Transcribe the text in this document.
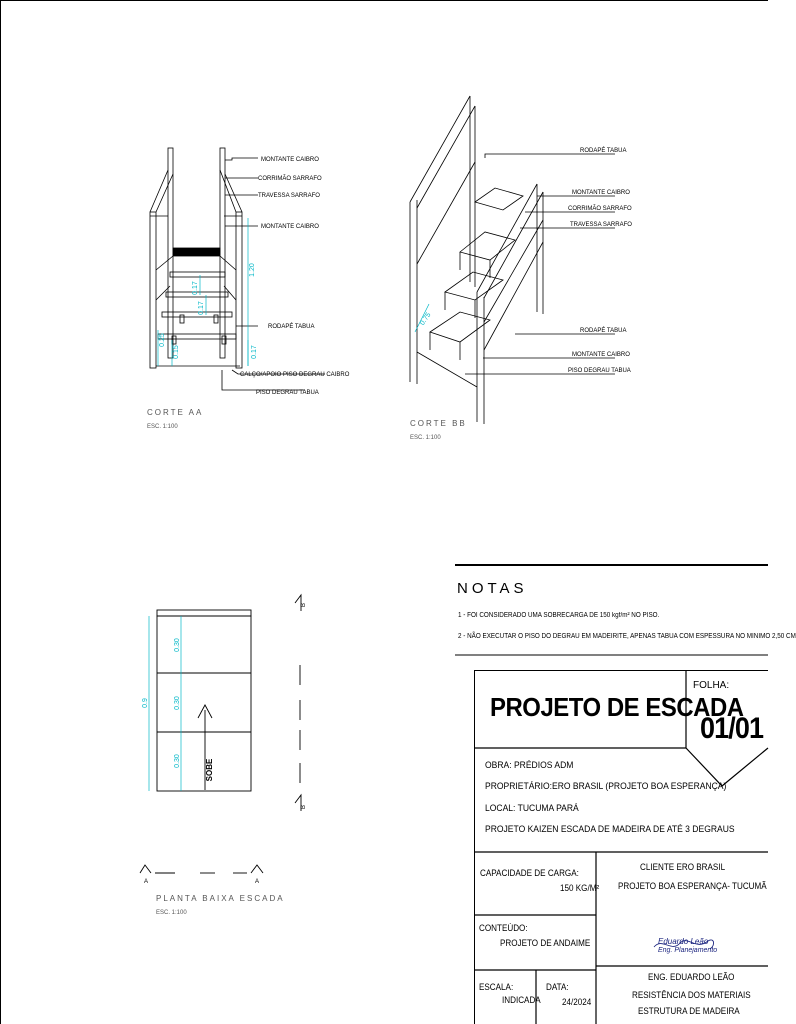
1.20
0.17
0.17
0.17
0.25
0.15
MONTANTE CAIBRO
CORRIMÃO SARRAFO
TRAVESSA SARRAFO
MONTANTE CAIBRO
RODAPÉ TABUA
CALÇO/APOIO PISO DEGRAU CAIBRO
PISO DEGRAU TABUA
CORTE AA
ESC. 1:100
0.75
RODAPÉ TABUA
MONTANTE CAIBRO
CORRIMÃO SARRAFO
TRAVESSA SARRAFO
RODAPÉ TABUA
MONTANTE CAIBRO
PISO DEGRAU TABUA
CORTE BB
ESC. 1:100
0.9
0.30
0.30
0.30	SOBE
B
B
A	A
PLANTA BAIXA ESCADA
ESC. 1:100
NOTAS
1 - FOI CONSIDERADO UMA SOBRECARGA DE 150 kgf/m² NO PISO.
2 - NÃO EXECUTAR O PISO DO DEGRAU EM MADEIRITE, APENAS TABUA COM ESPESSURA NO MINIMO 2,50 CM
PROJETO DE ESCADA
FOLHA:
01/01
OBRA: PRÉDIOS ADM
PROPRIETÁRIO:ERO BRASIL (PROJETO BOA ESPERANÇA)
LOCAL: TUCUMA PARÁ
PROJETO KAIZEN ESCADA DE MADEIRA DE ATÉ 3 DEGRAUS
CAPACIDADE DE CARGA:
150 KG/M²
CLIENTE ERO BRASIL
PROJETO BOA ESPERANÇA- TUCUMÃ
CONTEÚDO:
PROJETO DE ANDAIME	Eduardo Leão
Eng. Planejamento
ESCALA:
INDICADA
DATA:
24/2024
ENG. EDUARDO LEÃO
RESISTÊNCIA DOS MATERIAIS
ESTRUTURA DE MADEIRA
